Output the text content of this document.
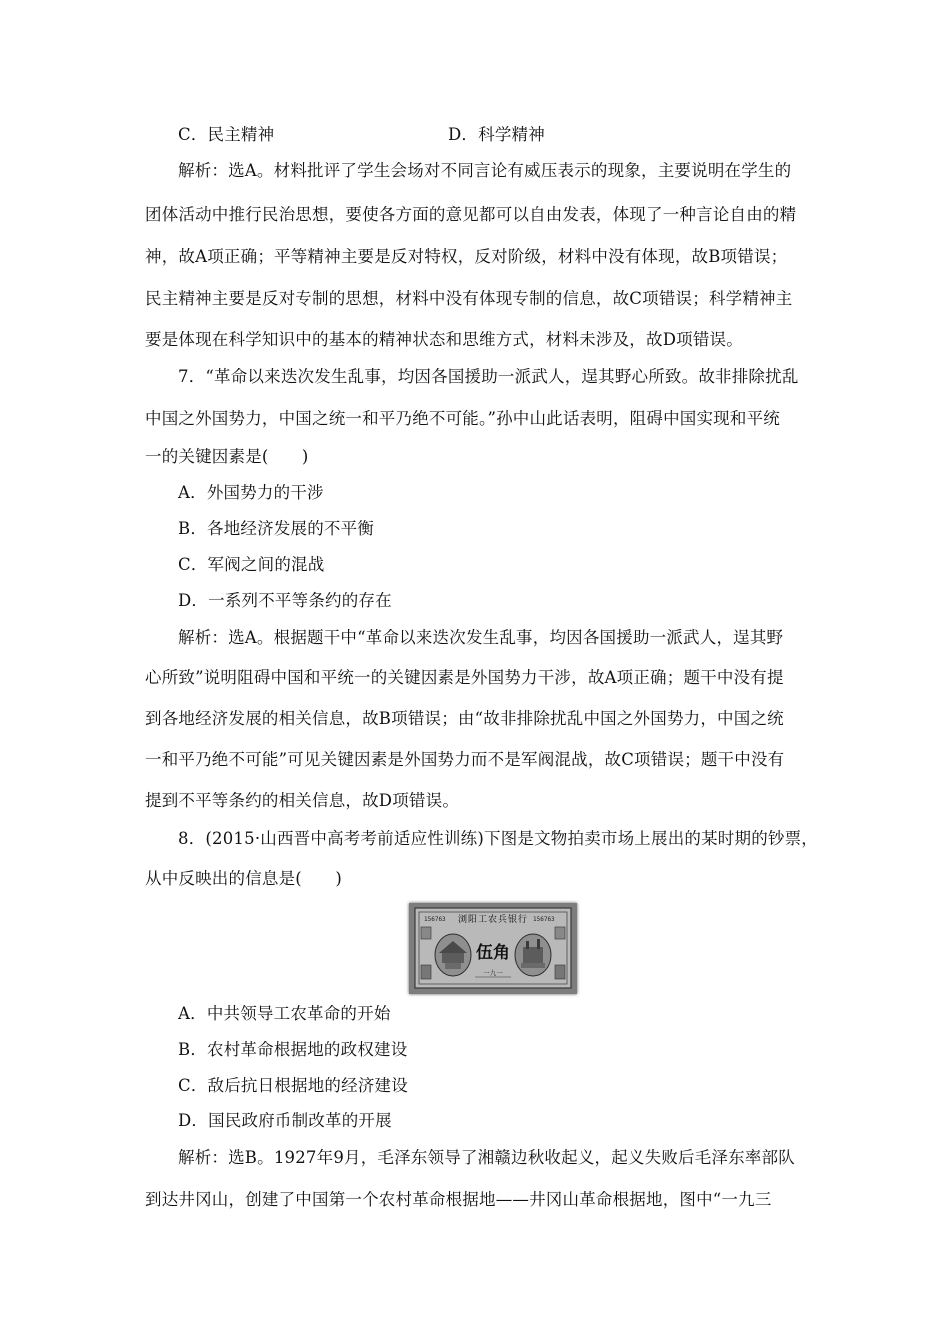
C．民主精神	D．科学精神
解析：选A。材料批评了学生会场对不同言论有威压表示的现象，主要说明在学生的
团体活动中推行民治思想，要使各方面的意见都可以自由发表，体现了一种言论自由的精
神，故A项正确；平等精神主要是反对特权，反对阶级，材料中没有体现，故B项错误；
民主精神主要是反对专制的思想，材料中没有体现专制的信息，故C项错误；科学精神主
要是体现在科学知识中的基本的精神状态和思维方式，材料未涉及，故D项错误。
7．“革命以来迭次发生乱事，均因各国援助一派武人，逞其野心所致。故非排除扰乱
中国之外国势力，中国之统一和平乃绝不可能。”孙中山此话表明，阻碍中国实现和平统
一的关键因素是(　　)
A．外国势力的干涉
B．各地经济发展的不平衡
C．军阀之间的混战
D．一系列不平等条约的存在
解析：选A。根据题干中“革命以来迭次发生乱事，均因各国援助一派武人，逞其野
心所致”说明阻碍中国和平统一的关键因素是外国势力干涉，故A项正确；题干中没有提
到各地经济发展的相关信息，故B项错误；由“故非排除扰乱中国之外国势力，中国之统
一和平乃绝不可能”可见关键因素是外国势力而不是军阀混战，故C项错误；题干中没有
提到不平等条约的相关信息，故D项错误。
8．(2015·山西晋中高考考前适应性训练)下图是文物拍卖市场上展出的某时期的钞票，
从中反映出的信息是(　　)
156763 浏阳工农兵银行 156763
伍角
一九一
A．中共领导工农革命的开始
B．农村革命根据地的政权建设
C．敌后抗日根据地的经济建设
D．国民政府币制改革的开展
解析：选B。1927年9月，毛泽东领导了湘赣边秋收起义，起义失败后毛泽东率部队
到达井冈山，创建了中国第一个农村革命根据地——井冈山革命根据地，图中“一九三
